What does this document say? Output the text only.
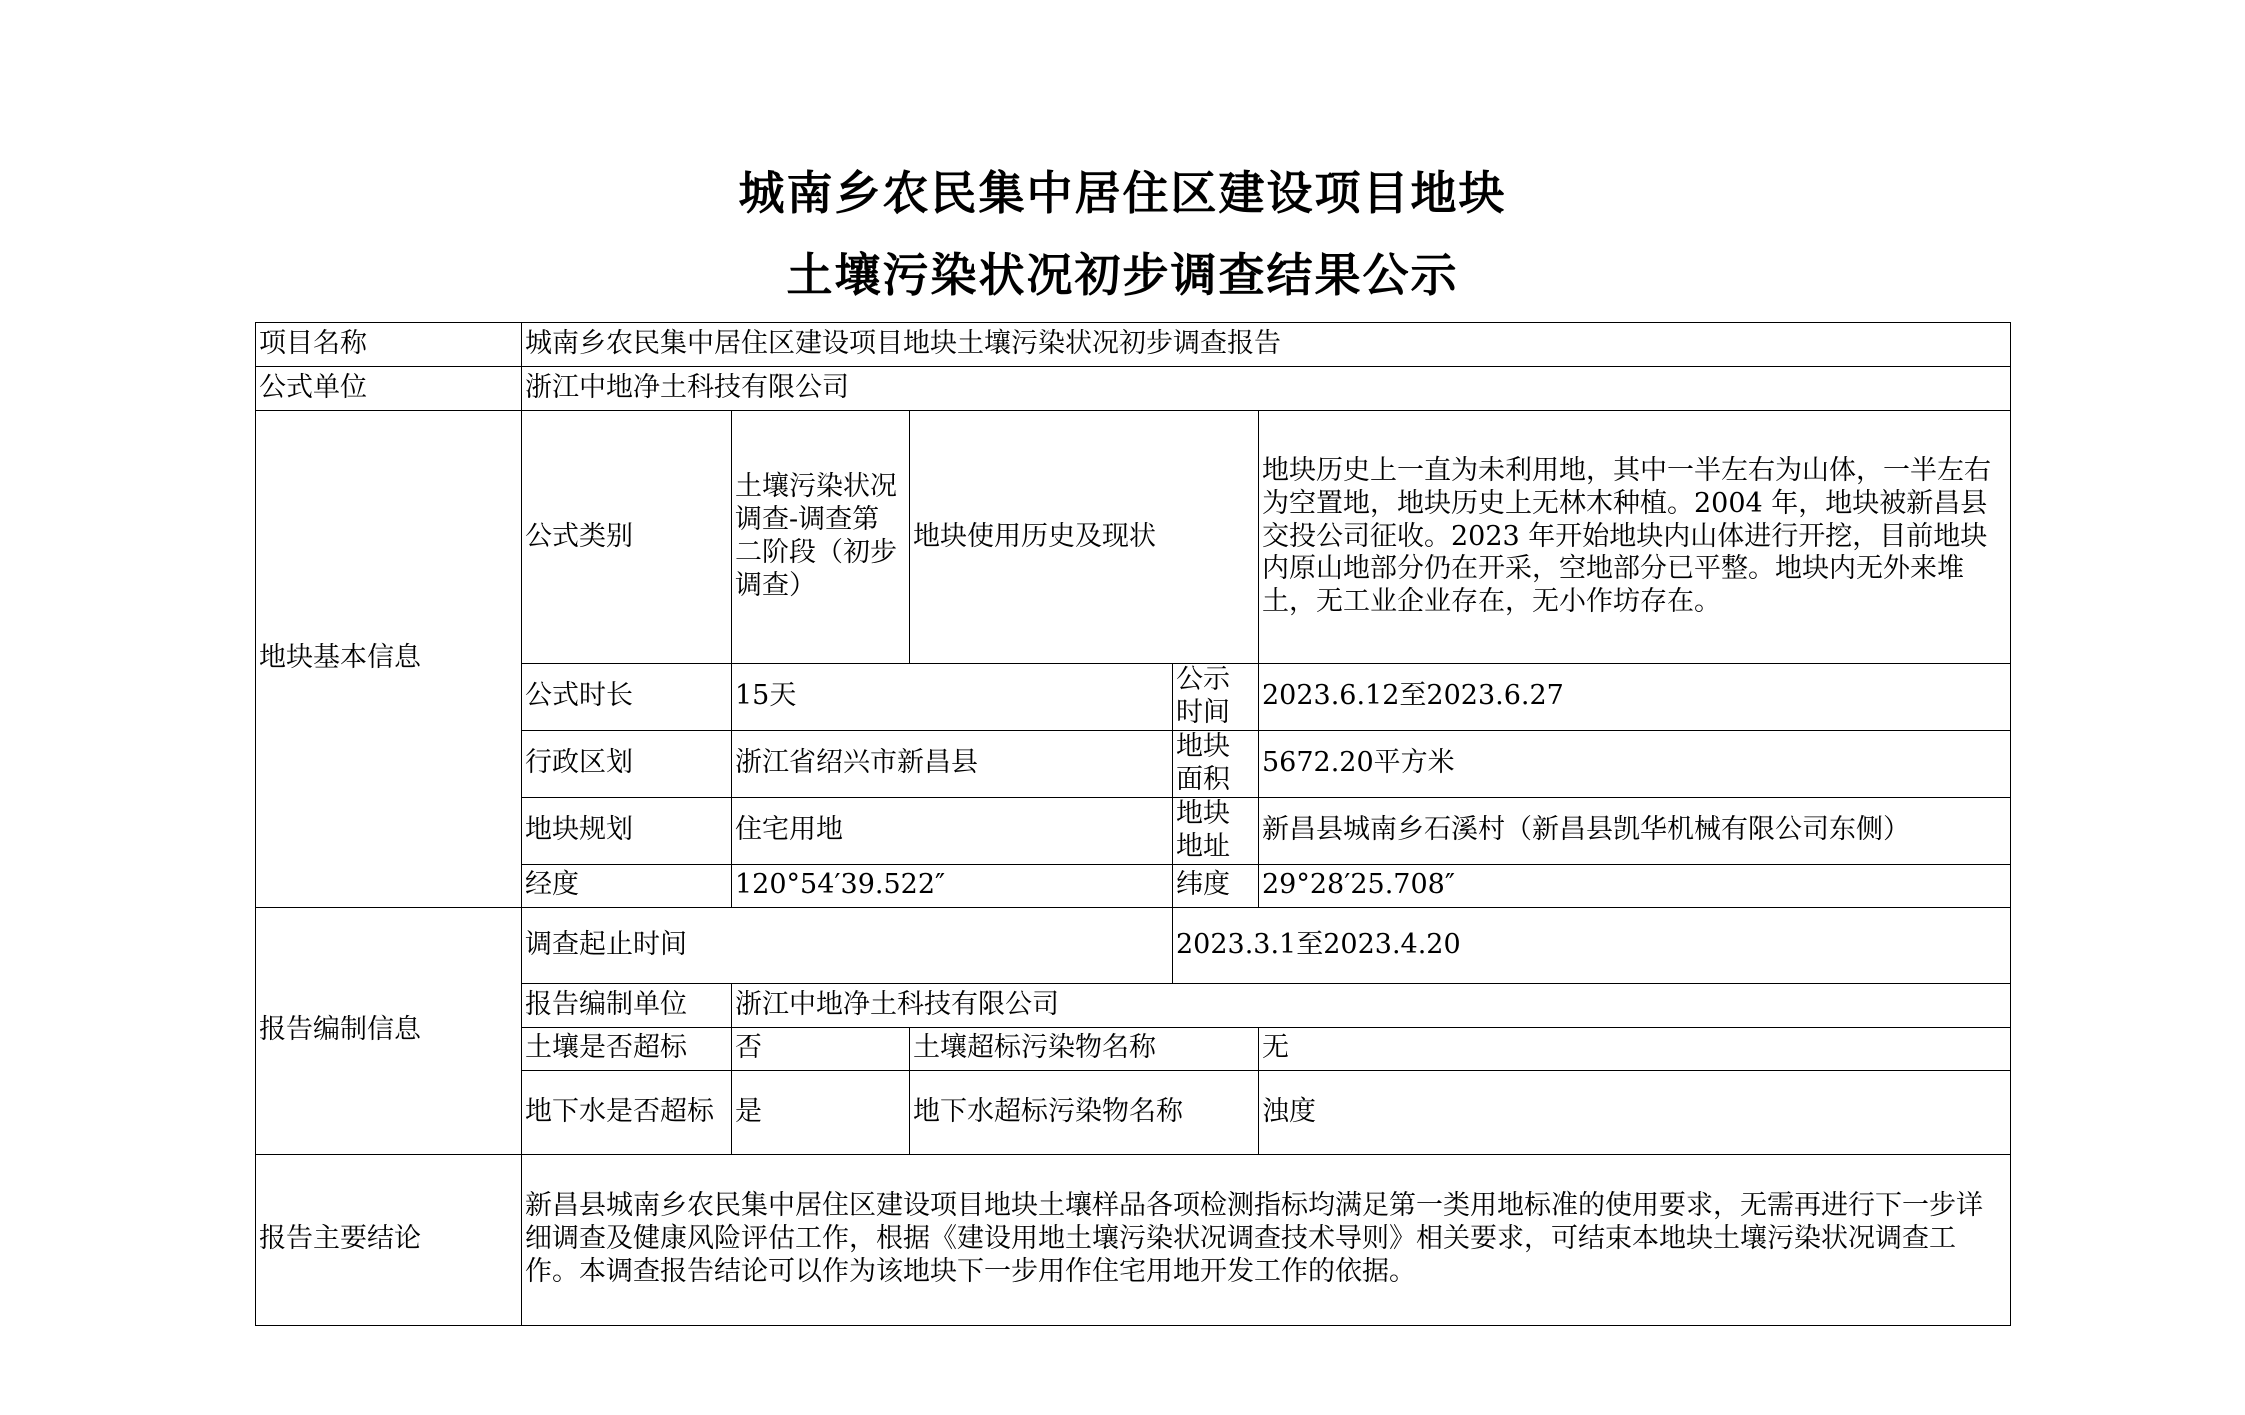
城南乡农民集中居住区建设项目地块
土壤污染状况初步调查结果公示
项目名称	城南乡农民集中居住区建设项目地块土壤污染状况初步调查报告				
公式单位	浙江中地净土科技有限公司				
地块基本信息	公式类别	土壤污染状况调查-调查第二阶段（初步调查）	地块使用历史及现状		地块历史上一直为未利用地，其中一半左右为山体，一半左右为空置地，地块历史上无林木种植。2004 年，地块被新昌县交投公司征收。2023 年开始地块内山体进行开挖，目前地块内原山地部分仍在开采，空地部分已平整。地块内无外来堆土，无工业企业存在，无小作坊存在。
	公式时长	15天		公示时间	2023.6.12至2023.6.27
	行政区划	浙江省绍兴市新昌县		地块面积	5672.20平方米
	地块规划	住宅用地		地块地址	新昌县城南乡石溪村（新昌县凯华机械有限公司东侧）
	经度	120°54′39.522″		纬度	29°28′25.708″
报告编制信息	调查起止时间			2023.3.1至2023.4.20	
	报告编制单位	浙江中地净土科技有限公司			
	土壤是否超标	否	土壤超标污染物名称		无
	地下水是否超标	是	地下水超标污染物名称		浊度
报告主要结论	新昌县城南乡农民集中居住区建设项目地块土壤样品各项检测指标均满足第一类用地标准的使用要求，无需再进行下一步详细调查及健康风险评估工作，根据《建设用地土壤污染状况调查技术导则》相关要求，可结束本地块土壤污染状况调查工作。本调查报告结论可以作为该地块下一步用作住宅用地开发工作的依据。				
